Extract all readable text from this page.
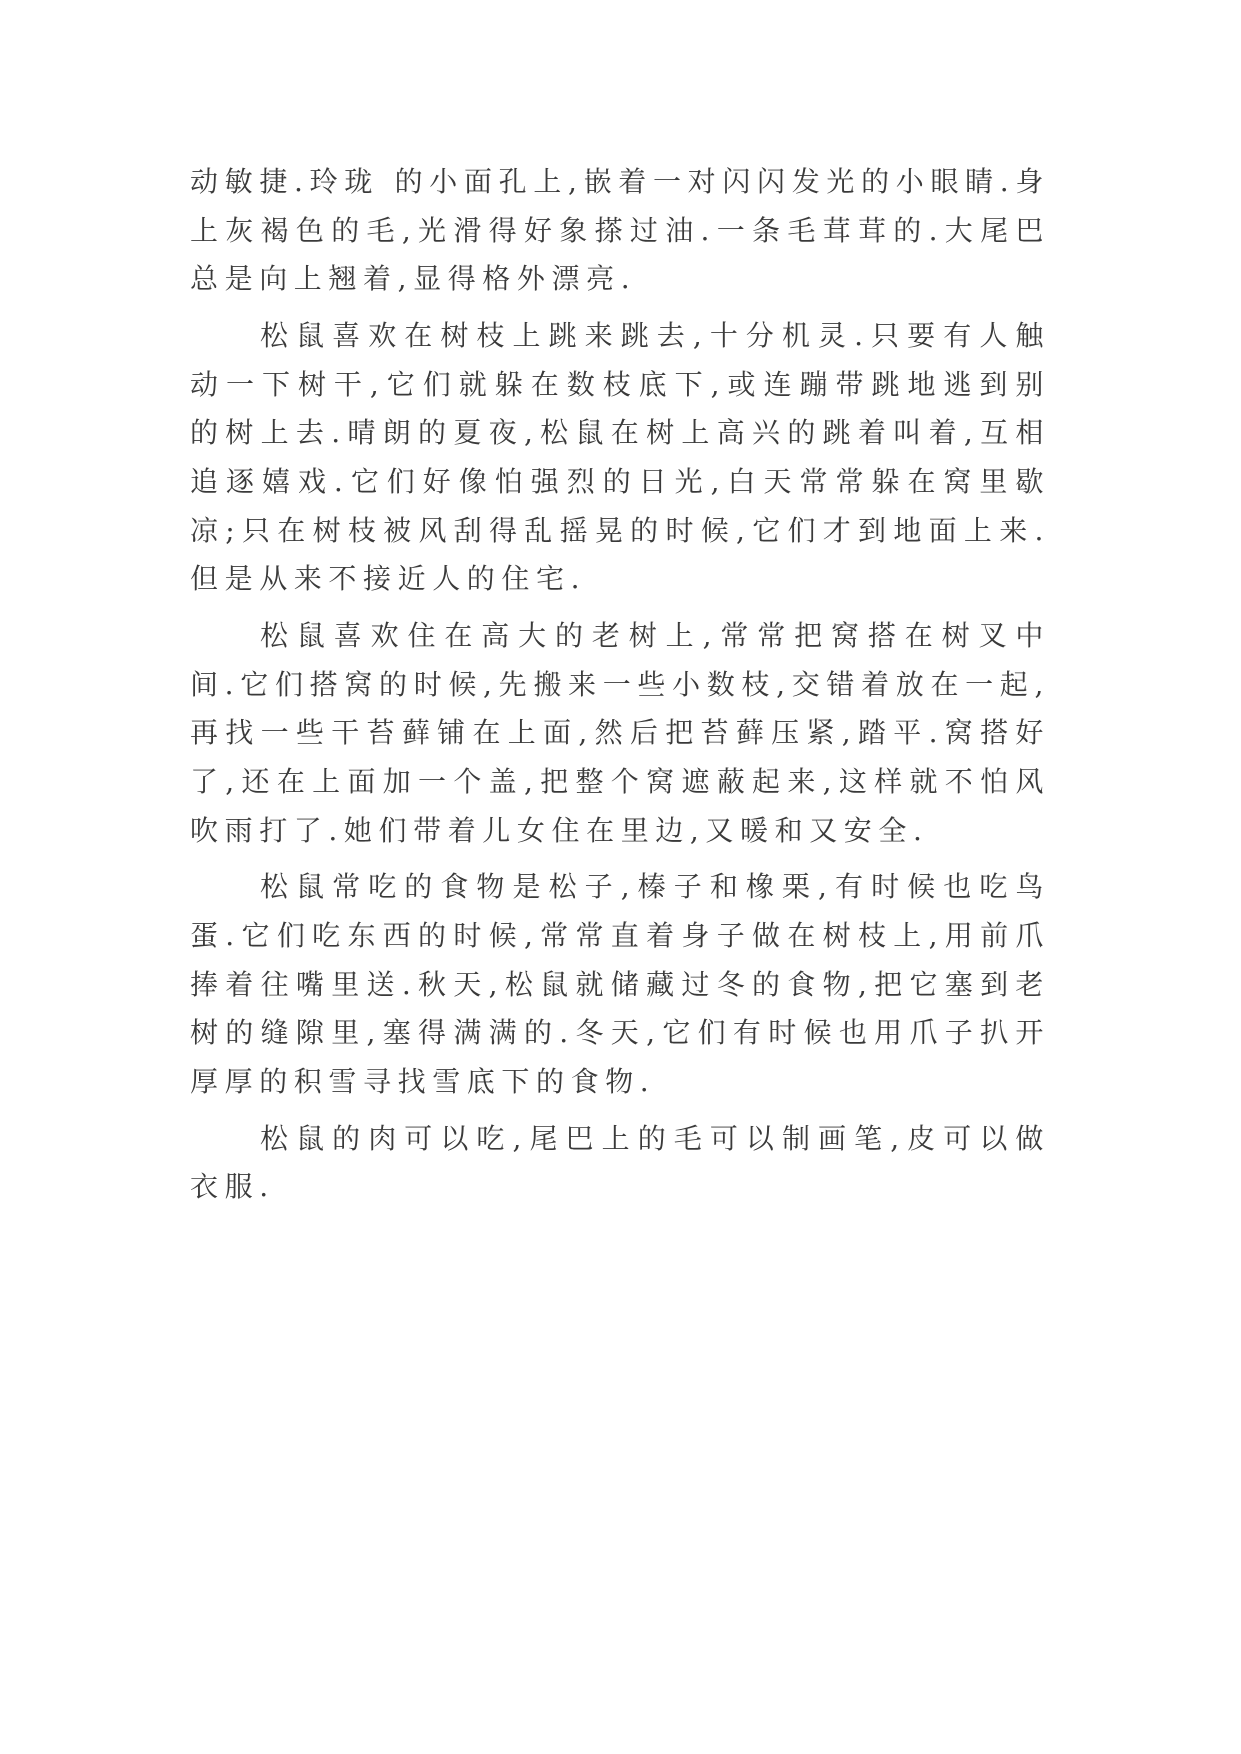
动敏捷.玲珑 的小面孔上,嵌着一对闪闪发光的小眼睛.身上灰褐色的毛,光滑得好象搽过油.一条毛茸茸的.大尾巴总是向上翘着,显得格外漂亮.

松鼠喜欢在树枝上跳来跳去,十分机灵.只要有人触动一下树干,它们就躲在数枝底下,或连蹦带跳地逃到别的树上去.晴朗的夏夜,松鼠在树上高兴的跳着叫着,互相追逐嬉戏.它们好像怕强烈的日光,白天常常躲在窝里歇凉;只在树枝被风刮得乱摇晃的时候,它们才到地面上来.但是从来不接近人的住宅.

松鼠喜欢住在高大的老树上,常常把窝搭在树叉中间.它们搭窝的时候,先搬来一些小数枝,交错着放在一起,再找一些干苔藓铺在上面,然后把苔藓压紧,踏平.窝搭好了,还在上面加一个盖,把整个窝遮蔽起来,这样就不怕风吹雨打了.她们带着儿女住在里边,又暖和又安全.

松鼠常吃的食物是松子,榛子和橡栗,有时候也吃鸟蛋.它们吃东西的时候,常常直着身子做在树枝上,用前爪捧着往嘴里送.秋天,松鼠就储藏过冬的食物,把它塞到老树的缝隙里,塞得满满的.冬天,它们有时候也用爪子扒开厚厚的积雪寻找雪底下的食物.

松鼠的肉可以吃,尾巴上的毛可以制画笔,皮可以做衣服.
